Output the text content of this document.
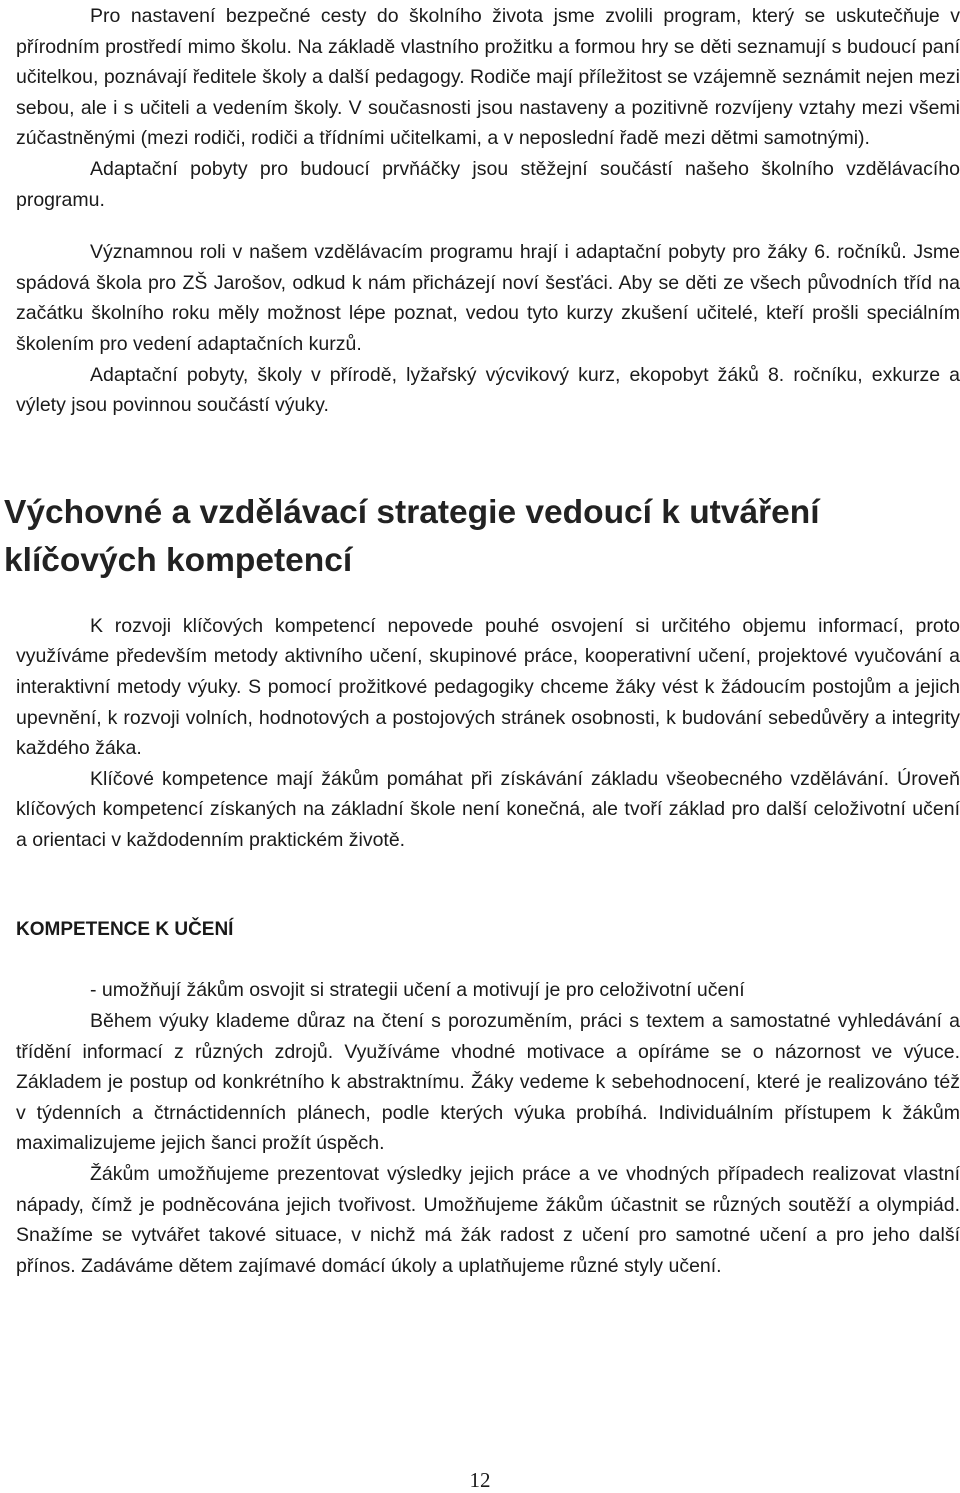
Pro nastavení bezpečné cesty do školního života jsme zvolili program, který se uskutečňuje v přírodním prostředí mimo školu. Na základě vlastního prožitku a formou hry se děti seznamují s budoucí paní učitelkou, poznávají ředitele školy a další pedagogy. Rodiče mají příležitost se vzájemně seznámit nejen mezi sebou, ale i s učiteli a vedením školy. V současnosti jsou nastaveny a pozitivně rozvíjeny vztahy mezi všemi zúčastněnými (mezi rodiči, rodiči a třídními učitelkami, a v neposlední řadě mezi dětmi samotnými).

Adaptační pobyty pro budoucí prvňáčky jsou stěžejní součástí našeho školního vzdělávacího programu.

Významnou roli v našem vzdělávacím programu hrají i adaptační pobyty pro žáky 6. ročníků. Jsme spádová škola pro ZŠ Jarošov, odkud k nám přicházejí noví šesťáci. Aby se děti ze všech původních tříd na začátku školního roku měly možnost lépe poznat, vedou tyto kurzy zkušení učitelé, kteří prošli speciálním školením pro vedení adaptačních kurzů.

Adaptační pobyty, školy v přírodě, lyžařský výcvikový kurz, ekopobyt žáků 8. ročníku, exkurze a výlety jsou povinnou součástí výuky.

Výchovné a vzdělávací strategie vedoucí k utváření klíčových kompetencí

K rozvoji klíčových kompetencí nepovede pouhé osvojení si určitého objemu informací, proto využíváme především metody aktivního učení, skupinové práce, kooperativní učení, projektové vyučování a interaktivní metody výuky. S pomocí prožitkové pedagogiky chceme žáky vést k žádoucím postojům a jejich upevnění, k rozvoji volních, hodnotových a postojových stránek osobnosti, k budování sebedůvěry a integrity každého žáka.

Klíčové kompetence mají žákům pomáhat při získávání základu všeobecného vzdělávání. Úroveň klíčových kompetencí získaných na základní škole není konečná, ale tvoří základ pro další celoživotní učení a orientaci v každodenním praktickém životě.

KOMPETENCE K UČENÍ

- umožňují žákům osvojit si strategii učení a motivují je pro celoživotní učení

Během výuky klademe důraz na čtení s porozuměním, práci s textem a samostatné vyhledávání a třídění informací z různých zdrojů. Využíváme vhodné motivace a opíráme se o názornost ve výuce. Základem je postup od konkrétního k abstraktnímu. Žáky vedeme k sebehodnocení, které je realizováno též v týdenních a čtrnáctidenních plánech, podle kterých výuka probíhá. Individuálním přístupem k žákům maximalizujeme jejich šanci prožít úspěch.

Žákům umožňujeme prezentovat výsledky jejich práce a ve vhodných případech realizovat vlastní nápady, čímž je podněcována jejich tvořivost. Umožňujeme žákům účastnit se různých soutěží a olympiád. Snažíme se vytvářet takové situace, v nichž má žák radost z učení pro samotné učení a pro jeho další přínos. Zadáváme dětem zajímavé domácí úkoly a uplatňujeme různé styly učení.

12
